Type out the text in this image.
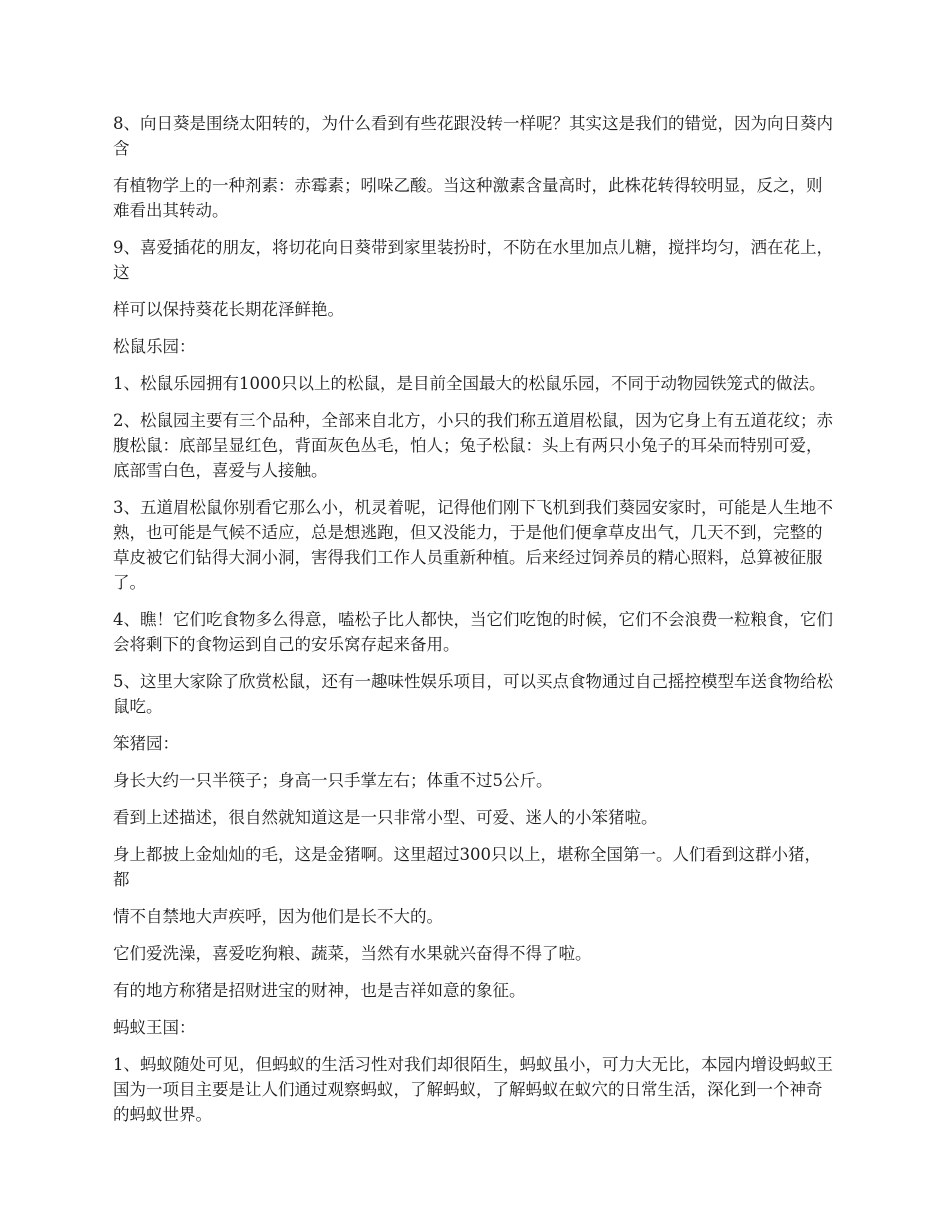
8、向日葵是围绕太阳转的，为什么看到有些花跟没转一样呢？其实这是我们的错觉，因为向日葵内含

有植物学上的一种剂素：赤霉素；吲哚乙酸。当这种激素含量高时，此株花转得较明显，反之，则难看出其转动。

9、喜爱插花的朋友，将切花向日葵带到家里装扮时，不防在水里加点儿糖，搅拌均匀，洒在花上，这

样可以保持葵花长期花泽鲜艳。

松鼠乐园：

1、松鼠乐园拥有1000只以上的松鼠，是目前全国最大的松鼠乐园，不同于动物园铁笼式的做法。

2、松鼠园主要有三个品种，全部来自北方，小只的我们称五道眉松鼠，因为它身上有五道花纹；赤腹松鼠：底部呈显红色，背面灰色丛毛，怕人；兔子松鼠：头上有两只小兔子的耳朵而特别可爱，底部雪白色，喜爱与人接触。

3、五道眉松鼠你别看它那么小，机灵着呢，记得他们刚下飞机到我们葵园安家时，可能是人生地不熟，也可能是气候不适应，总是想逃跑，但又没能力，于是他们便拿草皮出气，几天不到，完整的草皮被它们钻得大洞小洞，害得我们工作人员重新种植。后来经过饲养员的精心照料，总算被征服了。

4、瞧！它们吃食物多么得意，嗑松子比人都快，当它们吃饱的时候，它们不会浪费一粒粮食，它们会将剩下的食物运到自己的安乐窝存起来备用。

5、这里大家除了欣赏松鼠，还有一趣味性娱乐项目，可以买点食物通过自己摇控模型车送食物给松鼠吃。

笨猪园：

身长大约一只半筷子；身高一只手掌左右；体重不过5公斤。

看到上述描述，很自然就知道这是一只非常小型、可爱、迷人的小笨猪啦。

身上都披上金灿灿的毛，这是金猪啊。这里超过300只以上，堪称全国第一。人们看到这群小猪，都

情不自禁地大声疾呼，因为他们是长不大的。

它们爱洗澡，喜爱吃狗粮、蔬菜，当然有水果就兴奋得不得了啦。

有的地方称猪是招财进宝的财神，也是吉祥如意的象征。

蚂蚁王国：

1、蚂蚁随处可见，但蚂蚁的生活习性对我们却很陌生，蚂蚁虽小，可力大无比，本园内增设蚂蚁王国为一项目主要是让人们通过观察蚂蚁，了解蚂蚁，了解蚂蚁在蚁穴的日常生活，深化到一个神奇的蚂蚁世界。
